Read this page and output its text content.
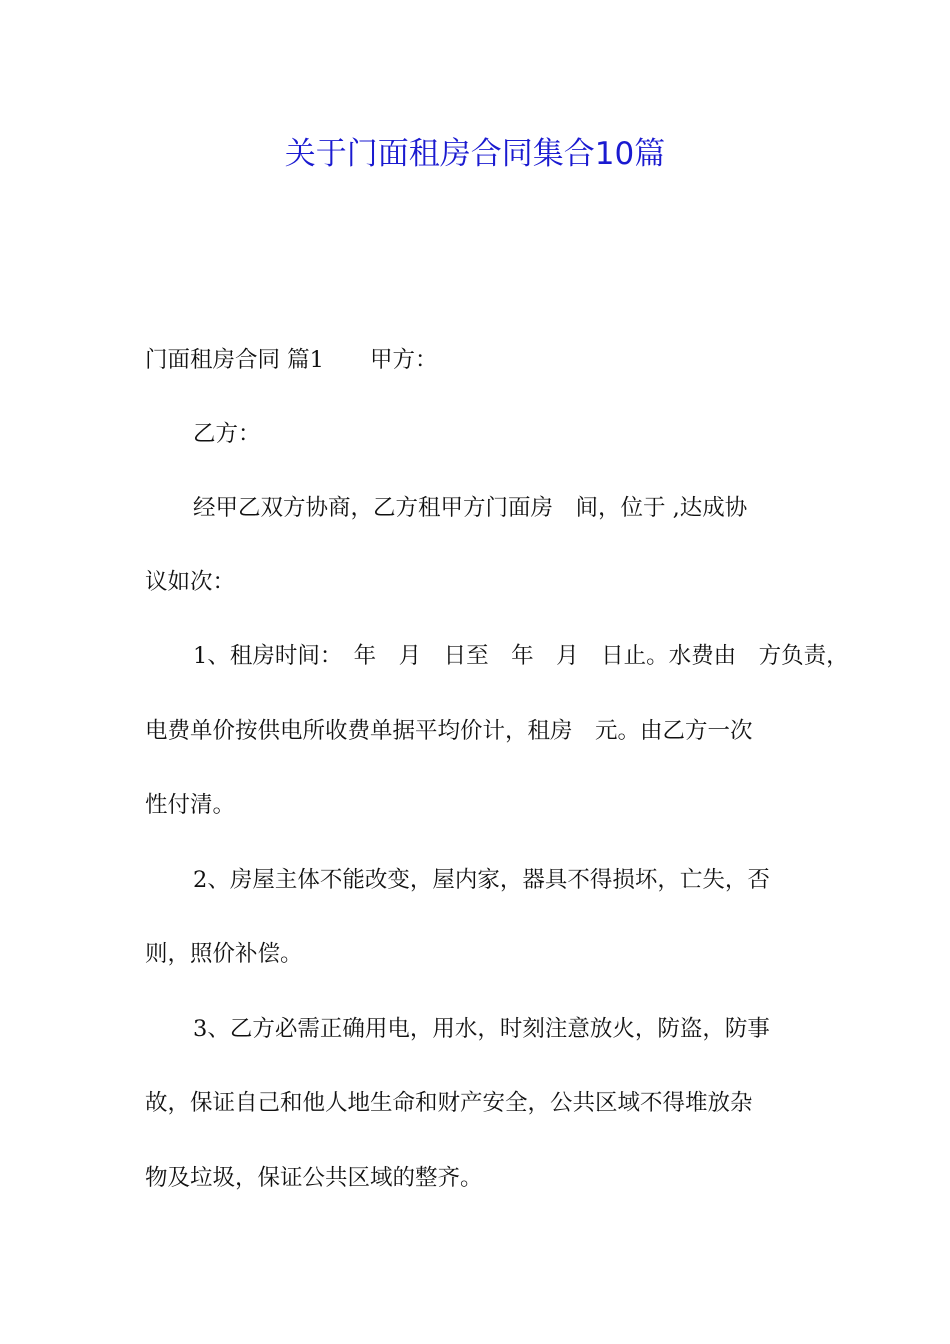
关于门面租房合同集合10篇
门面租房合同 篇1 甲方：
乙方：
经甲乙双方协商，乙方租甲方门面房　间，位于 ,达成协
议如次：
1、租房时间：　年　月　日至　年　月　日止。水费由　方负责，
电费单价按供电所收费单据平均价计，租房　元。由乙方一次
性付清。
2、房屋主体不能改变，屋内家，器具不得损坏，亡失，否
则，照价补偿。
3、乙方必需正确用电，用水，时刻注意放火，防盗，防事
故，保证自己和他人地生命和财产安全，公共区域不得堆放杂
物及垃圾，保证公共区域的整齐。
